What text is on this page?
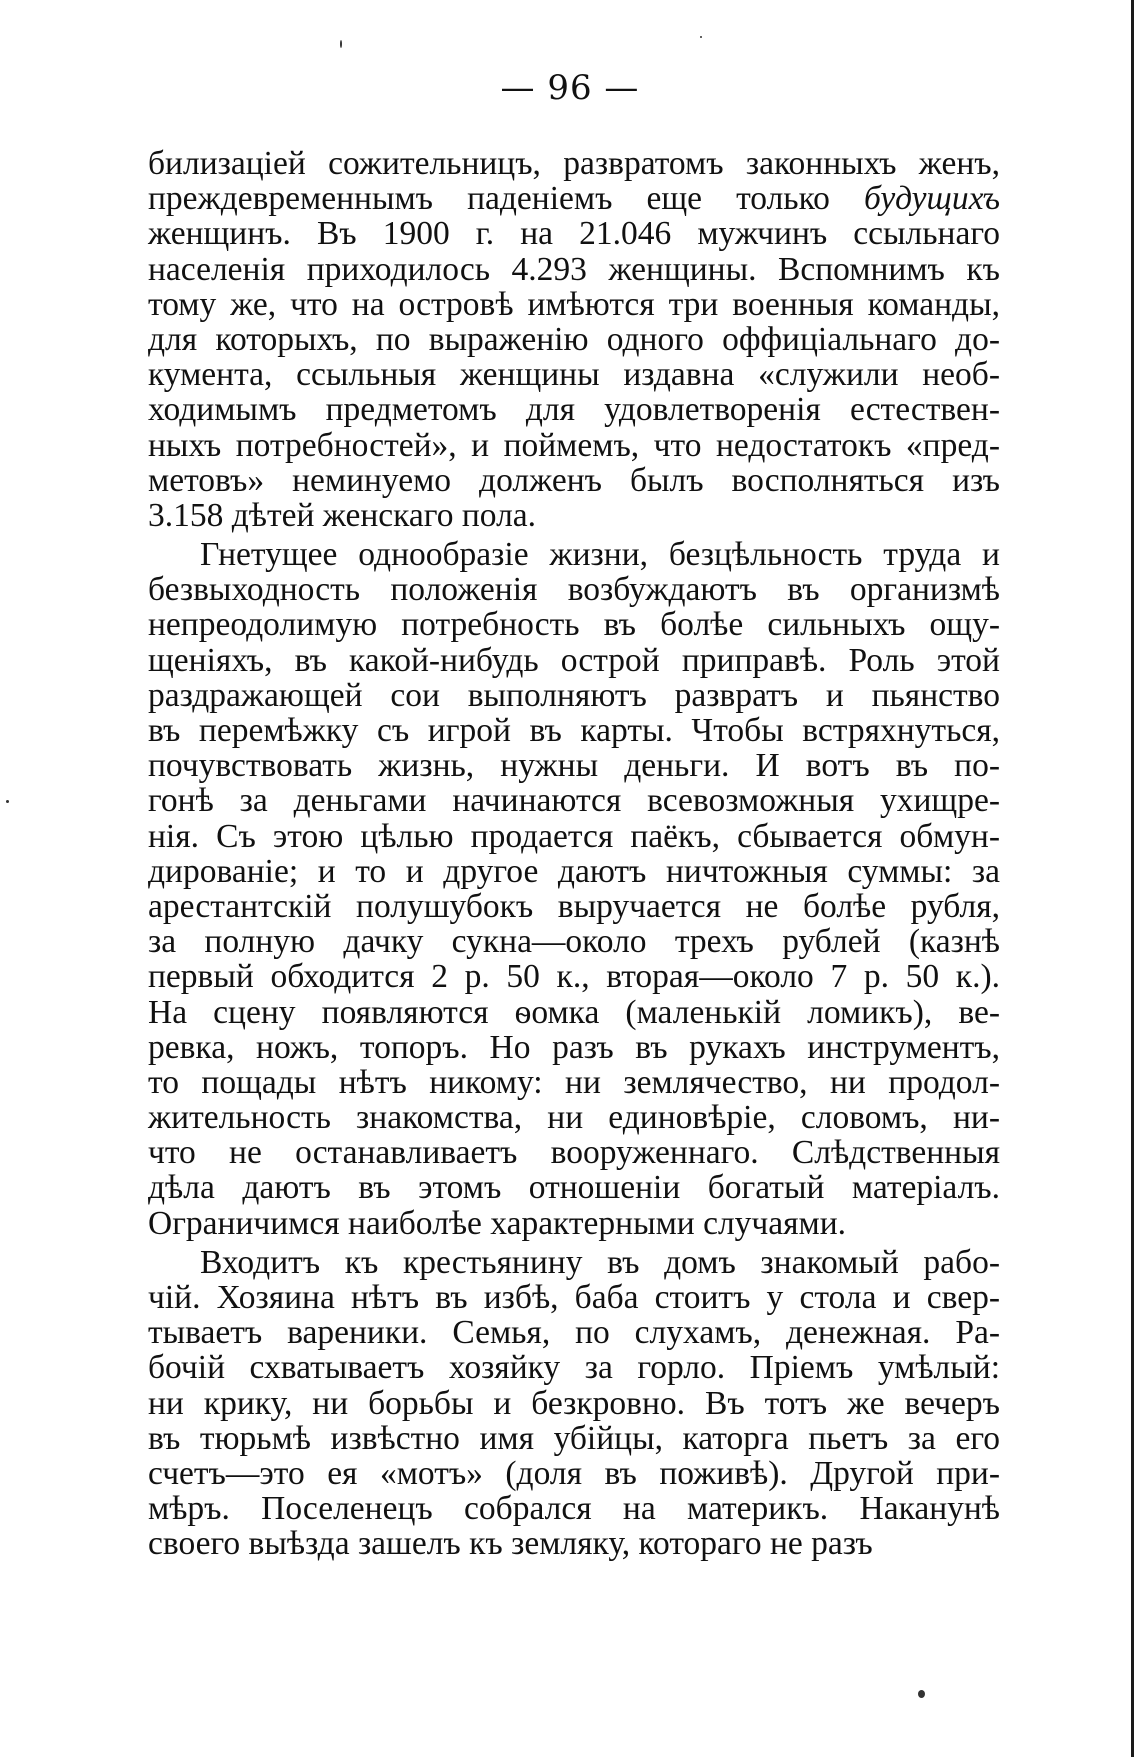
— 96 —
билизацiей сожительницъ, развратомъ законныхъ женъ,
преждевременнымъ паденiемъ еще только будущихъ
женщинъ. Въ 1900 г. на 21.046 мужчинъ ссыльнаго
населенiя приходилось 4.293 женщины. Вспомнимъ къ
тому же, что на островѣ имѣются три военныя команды,
для которыхъ, по выраженiю одного оффицiальнаго до-
кумента, ссыльныя женщины издавна «служили необ-
ходимымъ предметомъ для удовлетворенiя естествен-
ныхъ потребностей», и поймемъ, что недостатокъ «пред-
метовъ» неминуемо долженъ былъ восполняться изъ
3.158 дѣтей женскаго пола.
Гнетущее однообразiе жизни, безцѣльность труда и
безвыходность положенiя возбуждаютъ въ организмѣ
непреодолимую потребность въ болѣе сильныхъ ощу-
щенiяхъ, въ какой-нибудь острой приправѣ. Роль этой
раздражающей сои выполняютъ развратъ и пьянство
въ перемѣжку съ игрой въ карты. Чтобы встряхнуться,
почувствовать жизнь, нужны деньги. И вотъ въ по-
гонѣ за деньгами начинаются всевозможныя ухищре-
нiя. Съ этою цѣлью продается паёкъ, сбывается обмун-
дированiе; и то и другое даютъ ничтожныя суммы: за
арестантскiй полушубокъ выручается не болѣе рубля,
за полную дачку сукна—около трехъ рублей (казнѣ
первый обходится 2 р. 50 к., вторая—около 7 р. 50 к.).
На сцену появляются ѳомка (маленькiй ломикъ), ве-
ревка, ножъ, топоръ. Но разъ въ рукахъ инструментъ,
то пощады нѣтъ никому: ни землячество, ни продол-
жительность знакомства, ни единовѣрiе, словомъ, ни-
что не останавливаетъ вооруженнаго. Слѣдственныя
дѣла даютъ въ этомъ отношенiи богатый матерiалъ.
Ограничимся наиболѣе характерными случаями.
Входитъ къ крестьянину въ домъ знакомый рабо-
чiй. Хозяина нѣтъ въ избѣ, баба стоитъ у стола и свер-
тываетъ вареники. Семья, по слухамъ, денежная. Ра-
бочiй схватываетъ хозяйку за горло. Прiемъ умѣлый:
ни крику, ни борьбы и безкровно. Въ тотъ же вечеръ
въ тюрьмѣ извѣстно имя убiйцы, каторга пьетъ за его
счетъ—это ея «мотъ» (доля въ поживѣ). Другой при-
мѣръ. Поселенецъ собрался на материкъ. Наканунѣ
своего выѣзда зашелъ къ земляку, котораго не разъ
